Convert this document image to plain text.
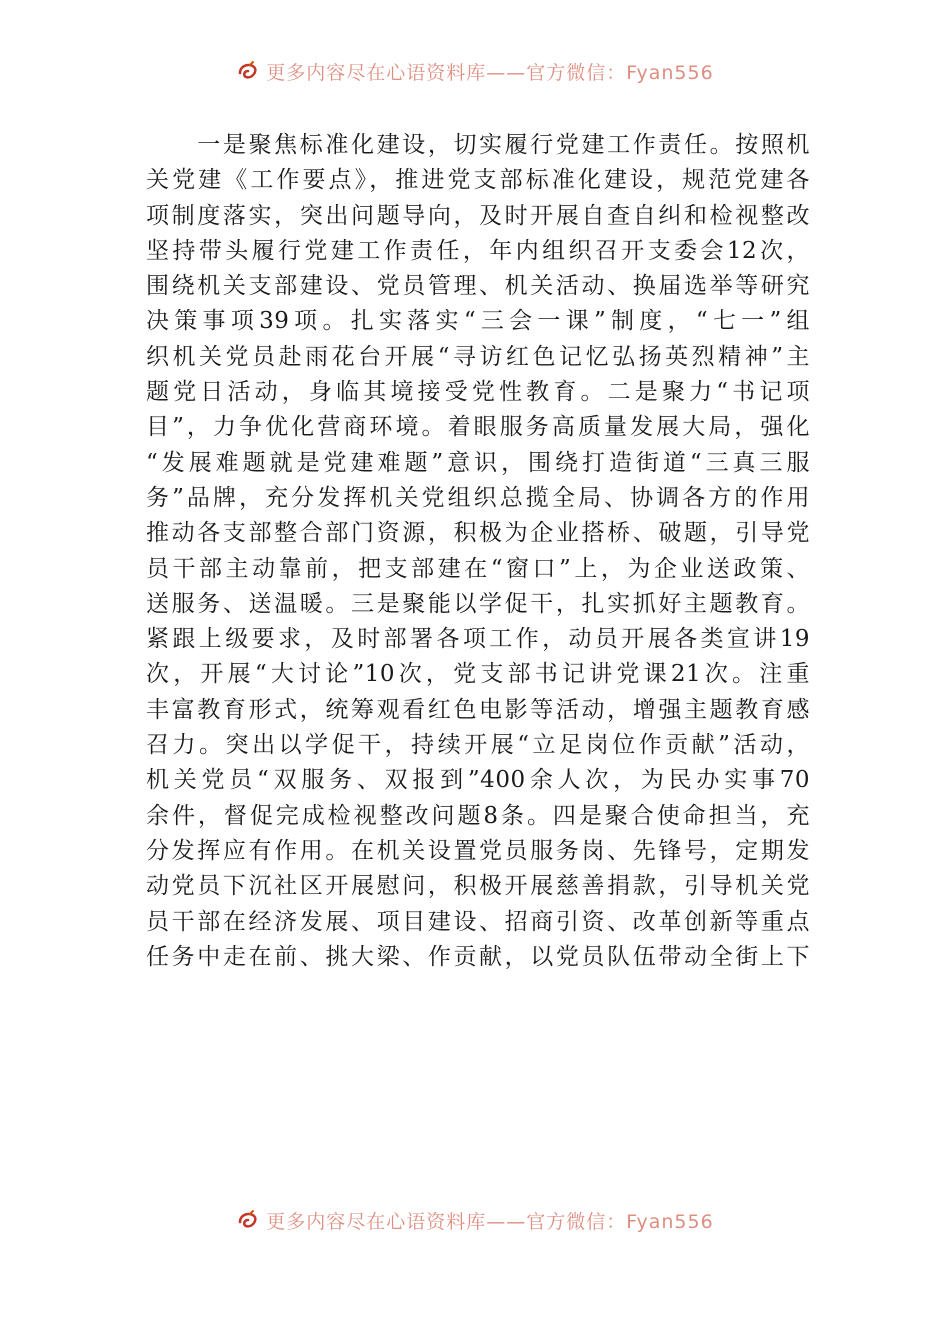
更多内容尽在心语资料库——官方微信：Fyan556
　　一是聚焦标准化建设，切实履行党建工作责任。按照机
关党建《工作要点》，推进党支部标准化建设，规范党建各
项制度落实，突出问题导向，及时开展自查自纠和检视整改
坚持带头履行党建工作责任，年内组织召开支委会12次，
围绕机关支部建设、党员管理、机关活动、换届选举等研究
决策事项39项。扎实落实“三会一课”制度，“七一”组
织机关党员赴雨花台开展“寻访红色记忆弘扬英烈精神”主
题党日活动，身临其境接受党性教育。二是聚力“书记项
目”，力争优化营商环境。着眼服务高质量发展大局，强化
“发展难题就是党建难题”意识，围绕打造街道“三真三服
务”品牌，充分发挥机关党组织总揽全局、协调各方的作用
推动各支部整合部门资源，积极为企业搭桥、破题，引导党
员干部主动靠前，把支部建在“窗口”上，为企业送政策、
送服务、送温暖。三是聚能以学促干，扎实抓好主题教育。
紧跟上级要求，及时部署各项工作，动员开展各类宣讲19
次，开展“大讨论”10次，党支部书记讲党课21次。注重
丰富教育形式，统筹观看红色电影等活动，增强主题教育感
召力。突出以学促干，持续开展“立足岗位作贡献”活动，
机关党员“双服务、双报到”400余人次，为民办实事70
余件，督促完成检视整改问题8条。四是聚合使命担当，充
分发挥应有作用。在机关设置党员服务岗、先锋号，定期发
动党员下沉社区开展慰问，积极开展慈善捐款，引导机关党
员干部在经济发展、项目建设、招商引资、改革创新等重点
任务中走在前、挑大梁、作贡献，以党员队伍带动全街上下
更多内容尽在心语资料库——官方微信：Fyan556
